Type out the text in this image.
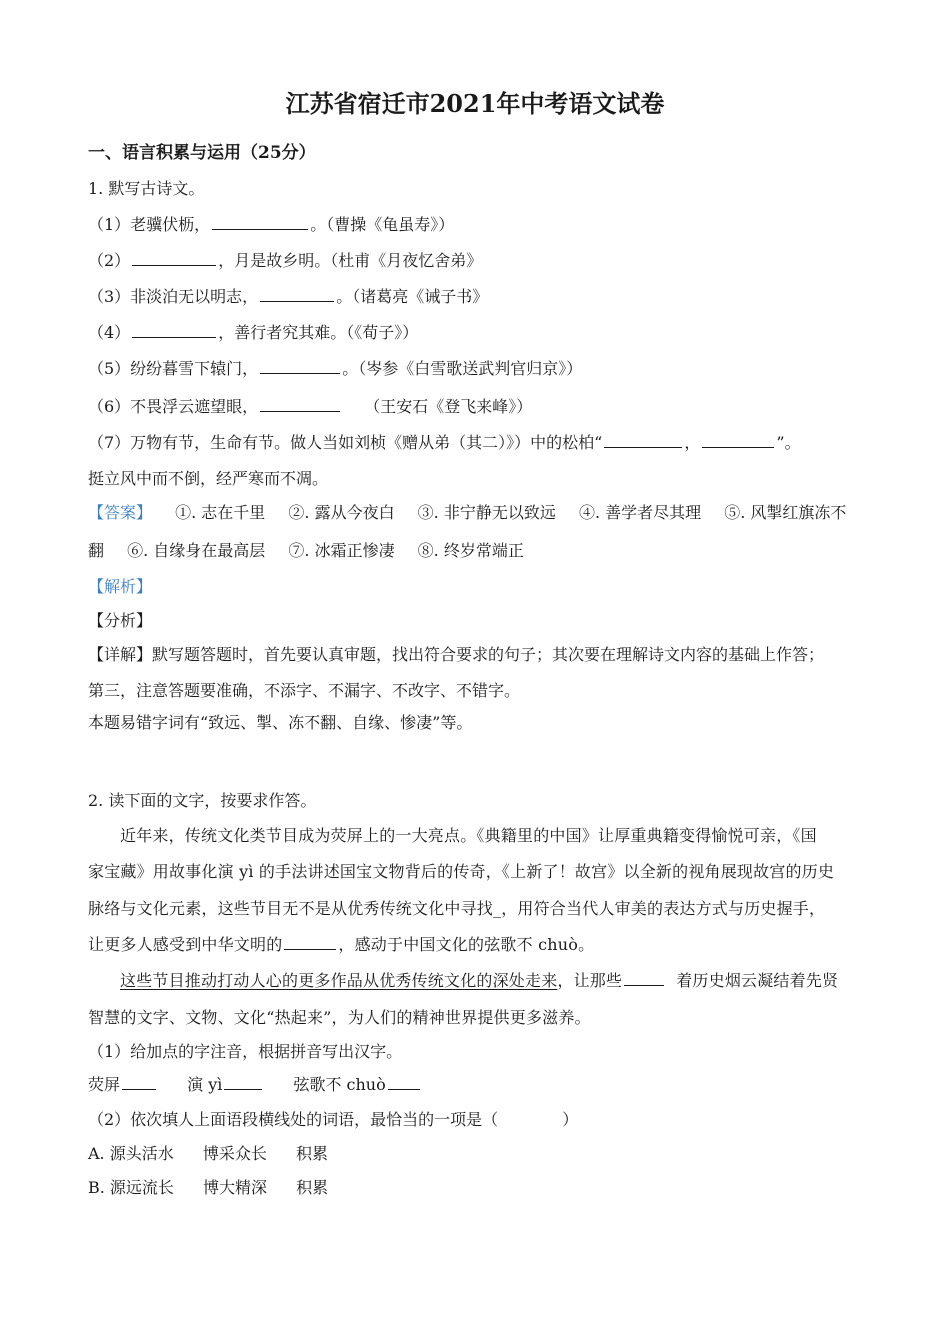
江苏省宿迁市2021年中考语文试卷
一、语言积累与运用（25分）
1. 默写古诗文。
（1）老骥伏枥，	。（曹操《龟虽寿》）
（2）	，月是故乡明。（杜甫《月夜忆舍弟》
（3）非淡泊无以明志，	。（诸葛亮《诫子书》
（4）	，善行者究其难。（《荀子》）
（5）纷纷暮雪下辕门，	。（岑参《白雪歌送武判官归京》）
（6）不畏浮云遮望眼，	（王安石《登飞来峰》）
（7）万物有节，生命有节。做人当如刘桢《赠从弟（其二）》）中的松柏“	，	”。
挺立风中而不倒，经严寒而不凋。
【答案】 ①. 志在千里 ②. 露从今夜白 ③. 非宁静无以致远 ④. 善学者尽其理 ⑤. 风掣红旗冻不
翻 ⑥. 自缘身在最高层 ⑦. 冰霜正惨凄 ⑧. 终岁常端正
【解析】
【分析】
【详解】默写题答题时，首先要认真审题，找出符合要求的句子；其次要在理解诗文内容的基础上作答；
第三，注意答题要准确，不添字、不漏字、不改字、不错字。
本题易错字词有“致远、掣、冻不翻、自缘、惨凄”等。
2. 读下面的文字，按要求作答。
近年来，传统文化类节目成为荧屏上的一大亮点。《典籍里的中国》让厚重典籍变得愉悦可亲，《国
家宝藏》用故事化演 yì 的手法讲述国宝文物背后的传奇，《上新了！故宫》以全新的视角展现故宫的历史
脉络与文化元素，这些节目无不是从优秀传统文化中寻找_，用符合当代人审美的表达方式与历史握手，
让更多人感受到中华文明的	，感动于中国文化的弦歌不 chuò。
这些节目推动打动人心的更多作品从优秀传统文化的深处走来，让那些	着历史烟云凝结着先贤
智慧的文字、文物、文化“热起来”，为人们的精神世界提供更多滋养。
（1）给加点的字注音，根据拼音写出汉字。
荧屏	演 yì	弦歌不 chuò
（2）依次填人上面语段横线处的词语，最恰当的一项是（	）
A. 源头活水 博采众长 积累
B. 源远流长 博大精深 积累
